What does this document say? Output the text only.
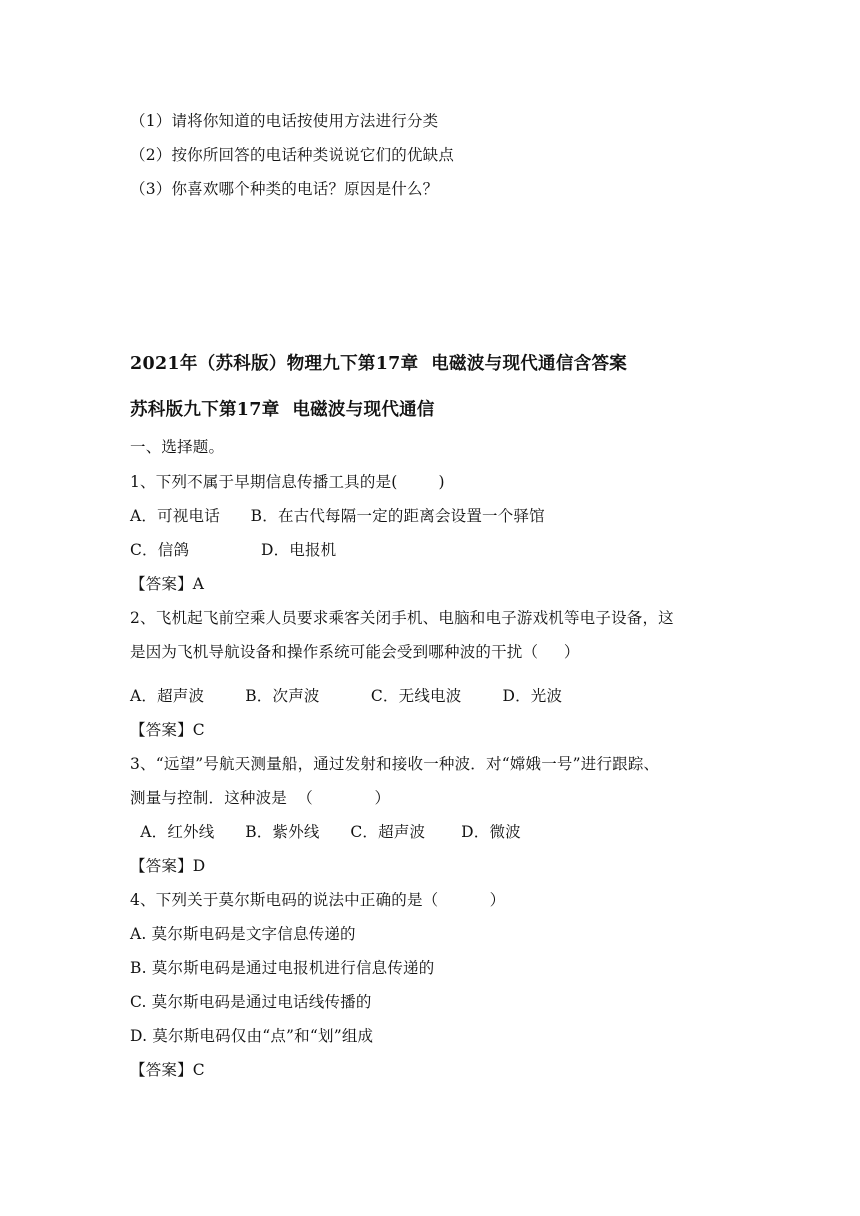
（1）请将你知道的电话按使用方法进行分类
（2）按你所回答的电话种类说说它们的优缺点
（3）你喜欢哪个种类的电话？原因是什么？
2021年（苏科版）物理九下第17章  电磁波与现代通信含答案
苏科版九下第17章  电磁波与现代通信
一、选择题。
1、下列不属于早期信息传播工具的是(        )
A．可视电话      B．在古代每隔一定的距离会设置一个驿馆
C．信鸽              D．电报机
【答案】A
2、飞机起飞前空乘人员要求乘客关闭手机、电脑和电子游戏机等电子设备，这
是因为飞机导航设备和操作系统可能会受到哪种波的干扰（     ）
A．超声波        B．次声波          C．无线电波        D．光波
【答案】C
3、“远望”号航天测量船，通过发射和接收一种波．对“嫦娥一号”进行跟踪、
测量与控制．这种波是  （            ）
A．红外线      B．紫外线      C．超声波       D．微波
【答案】D
4、下列关于莫尔斯电码的说法中正确的是（          ）
A. 莫尔斯电码是文字信息传递的
B. 莫尔斯电码是通过电报机进行信息传递的
C. 莫尔斯电码是通过电话线传播的
D. 莫尔斯电码仅由“点”和“划”组成
【答案】C
